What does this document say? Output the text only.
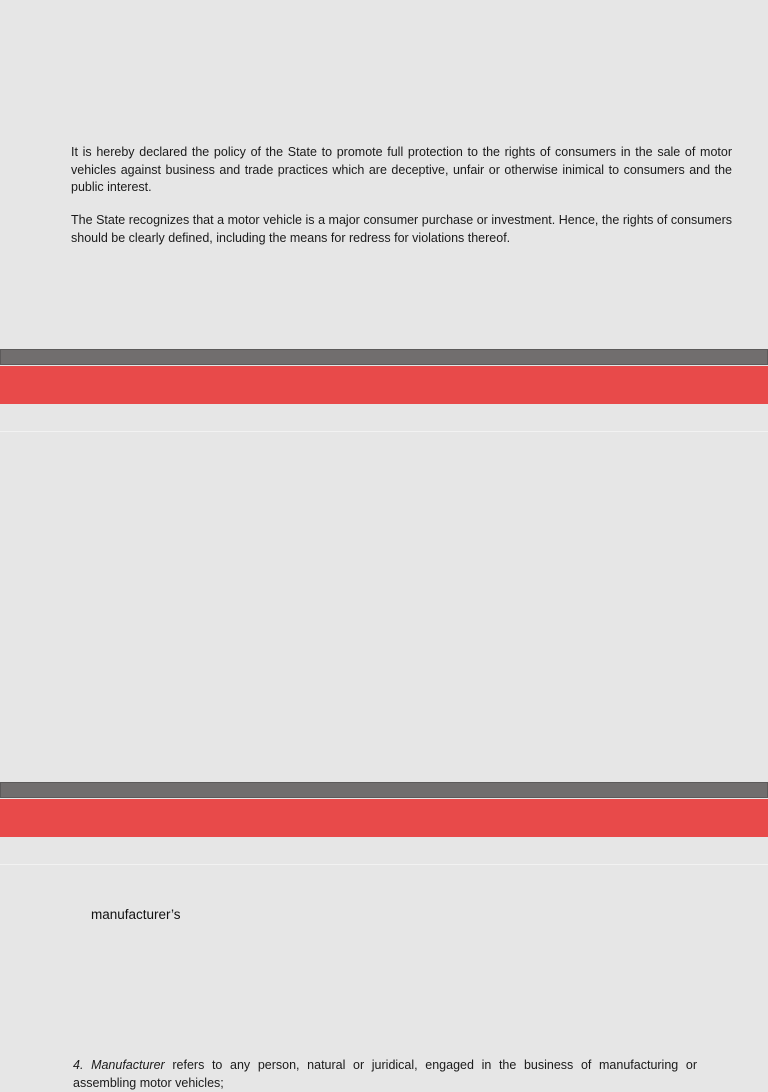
It is hereby declared the policy of the State to promote full protection to the rights of consumers in the sale of motor vehicles against business and trade practices which are deceptive, unfair or otherwise inimical to consumers and the public interest.

The State recognizes that a motor vehicle is a major consumer purchase or investment. Hence, the rights of consumers should be clearly defined, including the means for redress for violations thereof.

4. Manufacturer refers to any person, natural or juridical, engaged in the business of manufacturing or assembling motor vehicles;

manufacturer’s
